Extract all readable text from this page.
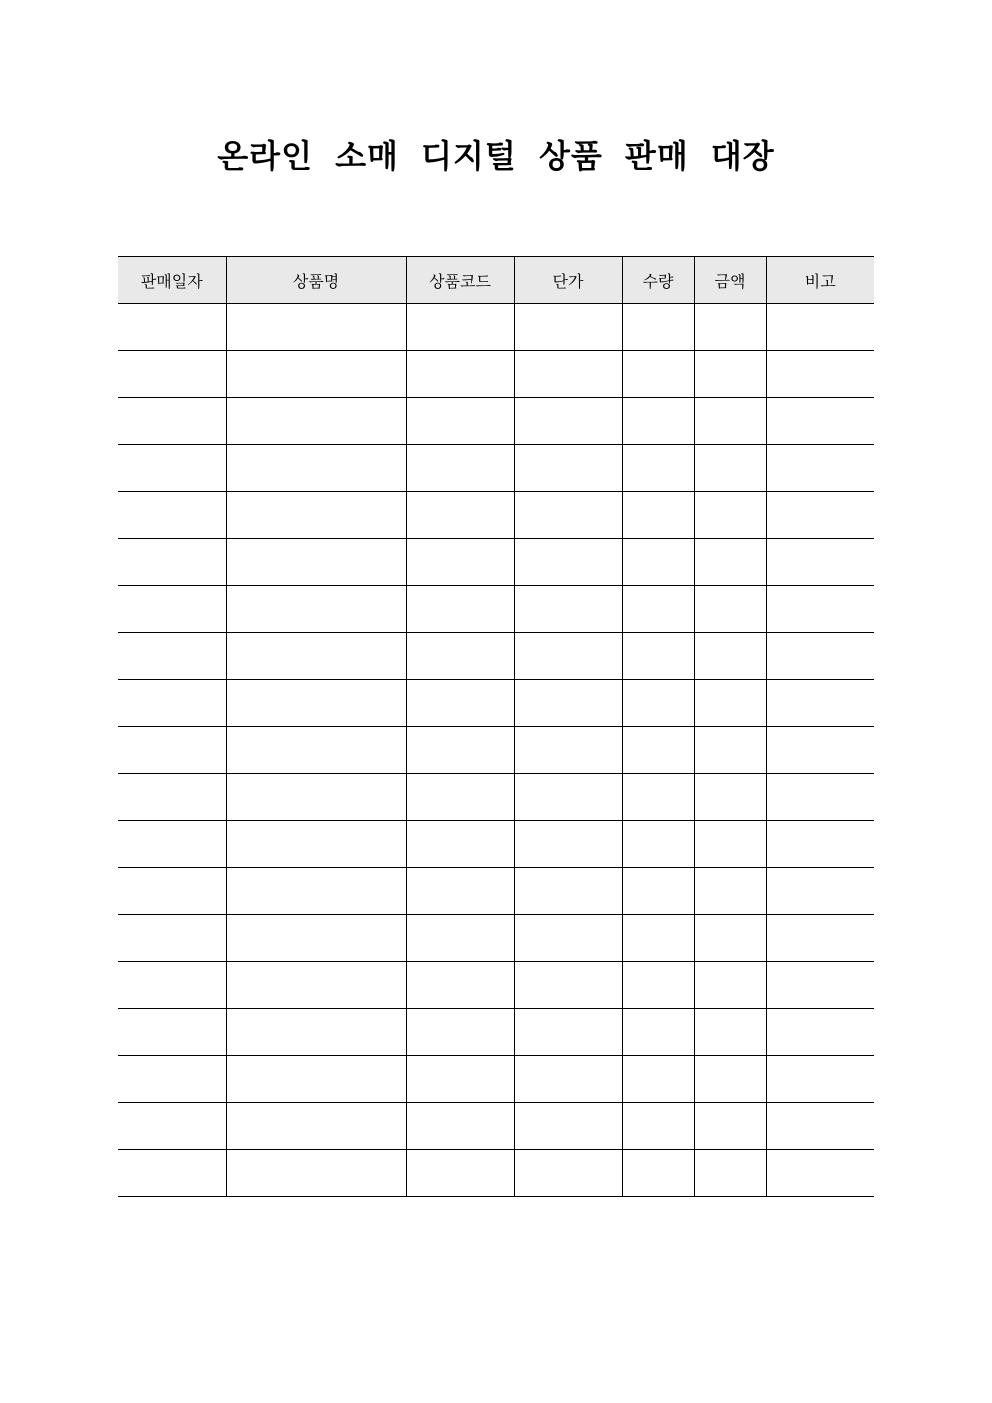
온라인 소매 디지털 상품 판매 대장
판매일자	상품명	상품코드	단가	수량	금액	비고
